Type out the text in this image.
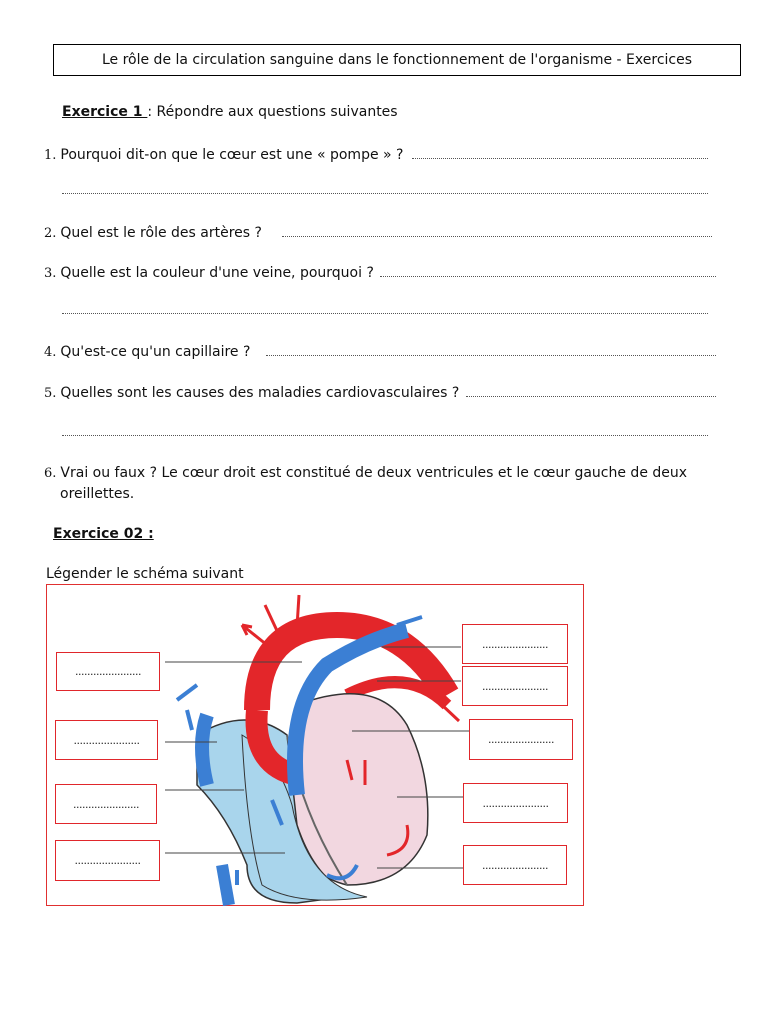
Le rôle de la circulation sanguine dans le fonctionnement de l'organisme - Exercices
Exercice 1 : Répondre aux questions suivantes
1. Pourquoi dit-on que le cœur est une « pompe » ?
2. Quel est le rôle des artères ?
3. Quelle est la couleur d'une veine, pourquoi ?
4. Qu'est-ce qu'un capillaire ?
5. Quelles sont les causes des maladies cardiovasculaires ?
6. Vrai ou faux ? Le cœur droit est constitué de deux ventricules et le cœur gauche de deux oreillettes.
Exercice 02 :
Légender le schéma suivant
......................
......................
......................
......................
......................
......................
......................
......................
......................
